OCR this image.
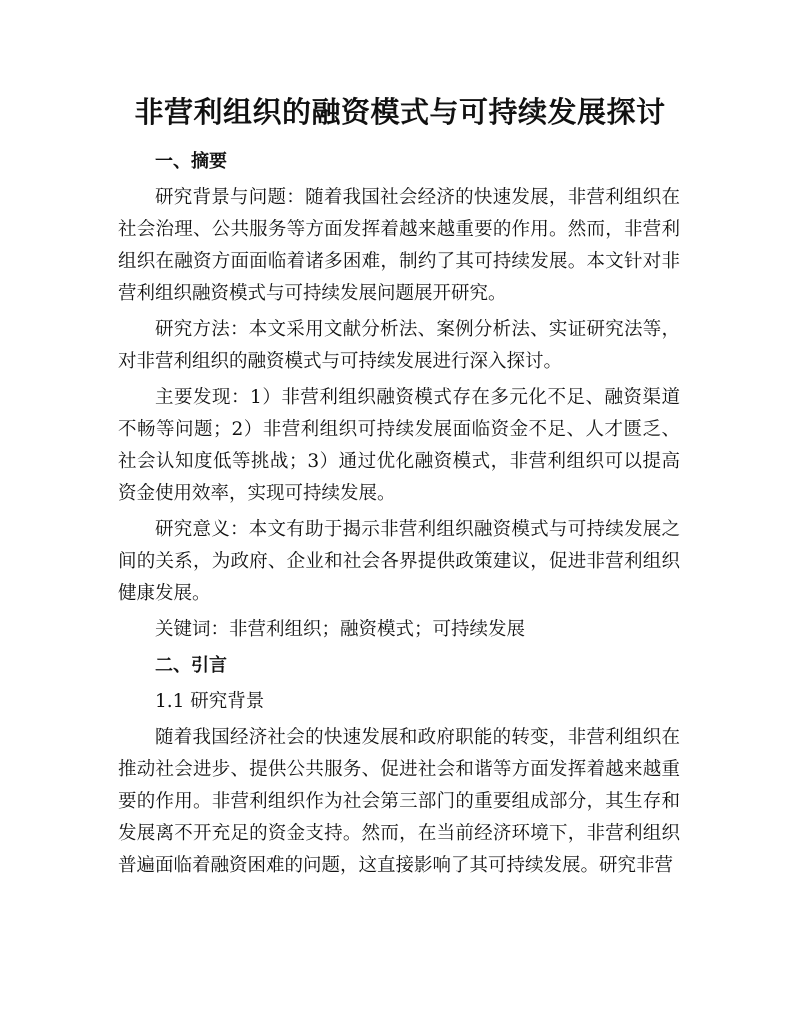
非营利组织的融资模式与可持续发展探讨
一、摘要

研究背景与问题：随着我国社会经济的快速发展，非营利组织在社会治理、公共服务等方面发挥着越来越重要的作用。然而，非营利组织在融资方面面临着诸多困难，制约了其可持续发展。本文针对非营利组织融资模式与可持续发展问题展开研究。

研究方法：本文采用文献分析法、案例分析法、实证研究法等，对非营利组织的融资模式与可持续发展进行深入探讨。

主要发现：1）非营利组织融资模式存在多元化不足、融资渠道不畅等问题；2）非营利组织可持续发展面临资金不足、人才匮乏、社会认知度低等挑战；3）通过优化融资模式，非营利组织可以提高资金使用效率，实现可持续发展。

研究意义：本文有助于揭示非营利组织融资模式与可持续发展之间的关系，为政府、企业和社会各界提供政策建议，促进非营利组织健康发展。

关键词：非营利组织；融资模式；可持续发展
二、引言
1.1 研究背景

随着我国经济社会的快速发展和政府职能的转变，非营利组织在推动社会进步、提供公共服务、促进社会和谐等方面发挥着越来越重要的作用。非营利组织作为社会第三部门的重要组成部分，其生存和发展离不开充足的资金支持。然而，在当前经济环境下，非营利组织普遍面临着融资困难的问题，这直接影响了其可持续发展。研究非营
